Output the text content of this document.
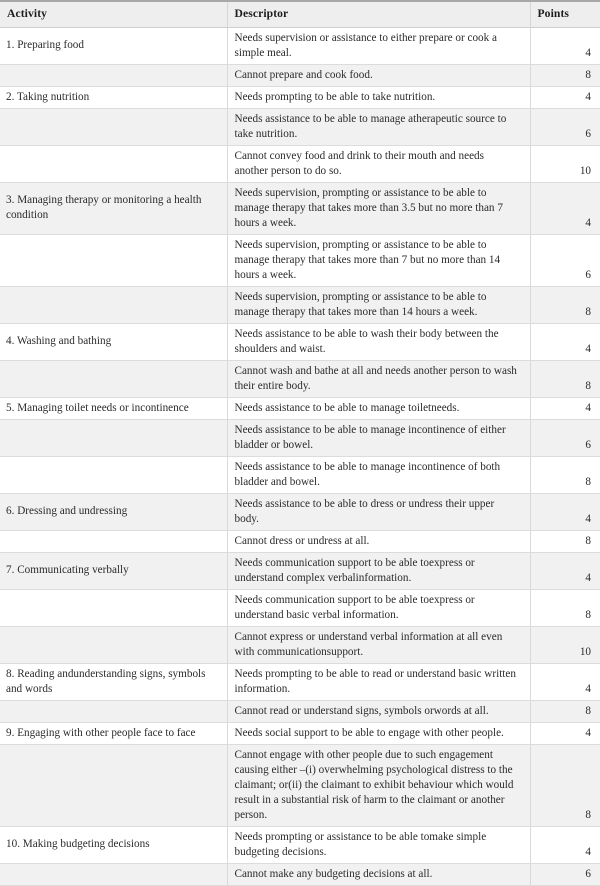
Activity	Descriptor	Points
1. Preparing food	Needs supervision or assistance to either prepare or cook a simple meal.	4
	Cannot prepare and cook food.	8
2. Taking nutrition	Needs prompting to be able to take nutrition.	4
	Needs assistance to be able to manage atherapeutic source to take nutrition.	6
	Cannot convey food and drink to their mouth and needs another person to do so.	10
3. Managing therapy or monitoring a health condition	Needs supervision, prompting or assistance to be able to manage therapy that takes more than 3.5 but no more than 7 hours a week.	4
	Needs supervision, prompting or assistance to be able to manage therapy that takes more than 7 but no more than 14 hours a week.	6
	Needs supervision, prompting or assistance to be able to manage therapy that takes more than 14 hours a week.	8
4. Washing and bathing	Needs assistance to be able to wash their body between the shoulders and waist.	4
	Cannot wash and bathe at all and needs another person to wash their entire body.	8
5. Managing toilet needs or incontinence	Needs assistance to be able to manage toiletneeds.	4
	Needs assistance to be able to manage incontinence of either bladder or bowel.	6
	Needs assistance to be able to manage incontinence of both bladder and bowel.	8
6. Dressing and undressing	Needs assistance to be able to dress or undress their upper body.	4
	Cannot dress or undress at all.	8
7. Communicating verbally	Needs communication support to be able toexpress or understand complex verbalinformation.	4
	Needs communication support to be able toexpress or understand basic verbal information.	8
	Cannot express or understand verbal information at all even with communicationsupport.	10
8. Reading andunderstanding signs, symbols and words	Needs prompting to be able to read or understand basic written information.	4
	Cannot read or understand signs, symbols orwords at all.	8
9. Engaging with other people face to face	Needs social support to be able to engage with other people.	4
	Cannot engage with other people due to such engagement causing either –(i) overwhelming psychological distress to the claimant; or(ii) the claimant to exhibit behaviour which would result in a substantial risk of harm to the claimant or another person.	8
10. Making budgeting decisions	Needs prompting or assistance to be able tomake simple budgeting decisions.	4
	Cannot make any budgeting decisions at all.	6
